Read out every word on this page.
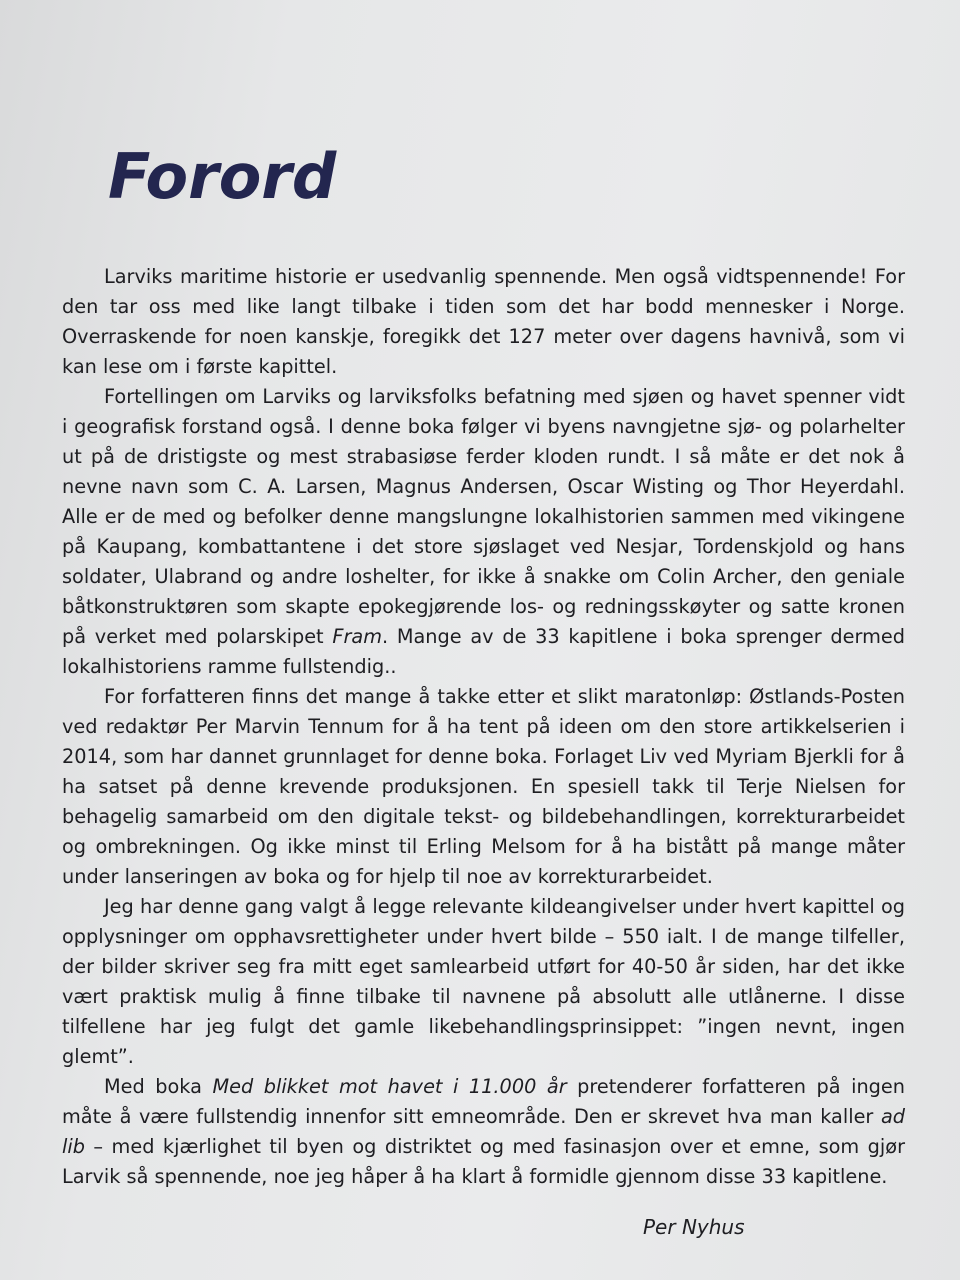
Forord

Larviks maritime historie er usedvanlig spennende. Men også vidtspennende! For den tar oss med like langt tilbake i tiden som det har bodd mennesker i Norge. Overraskende for noen kanskje, foregikk det 127 meter over dagens havnivå, som vi kan lese om i første kapittel.

Fortellingen om Larviks og larviksfolks befatning med sjøen og havet spenner vidt i geografisk forstand også. I denne boka følger vi byens navngjetne sjø- og polarhelter ut på de dristigste og mest strabasiøse ferder kloden rundt. I så måte er det nok å nevne navn som C. A. Larsen, Magnus Andersen, Oscar Wisting og Thor Heyerdahl. Alle er de med og befolker denne mangslungne lokalhistorien sammen med vikingene på Kaupang, kombattantene i det store sjøslaget ved Nesjar, Tordenskjold og hans soldater, Ulabrand og andre loshelter, for ikke å snakke om Colin Archer, den geniale båtkonstruktøren som skapte epokegjørende los- og redningsskøyter og satte kronen på verket med polarskipet Fram. Mange av de 33 kapitlene i boka sprenger dermed lokalhistoriens ramme fullstendig..

For forfatteren finns det mange å takke etter et slikt maratonløp: Østlands-Posten ved redaktør Per Marvin Tennum for å ha tent på ideen om den store artikkelserien i 2014, som har dannet grunnlaget for denne boka. Forlaget Liv ved Myriam Bjerkli for å ha satset på denne krevende produksjonen. En spesiell takk til Terje Nielsen for behagelig samarbeid om den digitale tekst- og bildebehandlingen, korrekturarbeidet og ombrekningen. Og ikke minst til Erling Melsom for å ha bistått på mange måter under lanseringen av boka og for hjelp til noe av korrekturarbeidet.

Jeg har denne gang valgt å legge relevante kildeangivelser under hvert kapittel og opplysninger om opphavsrettigheter under hvert bilde – 550 ialt. I de mange tilfeller, der bilder skriver seg fra mitt eget samlearbeid utført for 40-50 år siden, har det ikke vært praktisk mulig å finne tilbake til navnene på absolutt alle utlånerne. I disse tilfellene har jeg fulgt det gamle likebehandlingsprinsippet: ”ingen nevnt, ingen glemt”.

Med boka Med blikket mot havet i 11.000 år pretenderer forfatteren på ingen måte å være fullstendig innenfor sitt emneområde. Den er skrevet hva man kaller ad lib – med kjærlighet til byen og distriktet og med fasinasjon over et emne, som gjør Larvik så spennende, noe jeg håper å ha klart å formidle gjennom disse 33 kapitlene.

Per Nyhus
